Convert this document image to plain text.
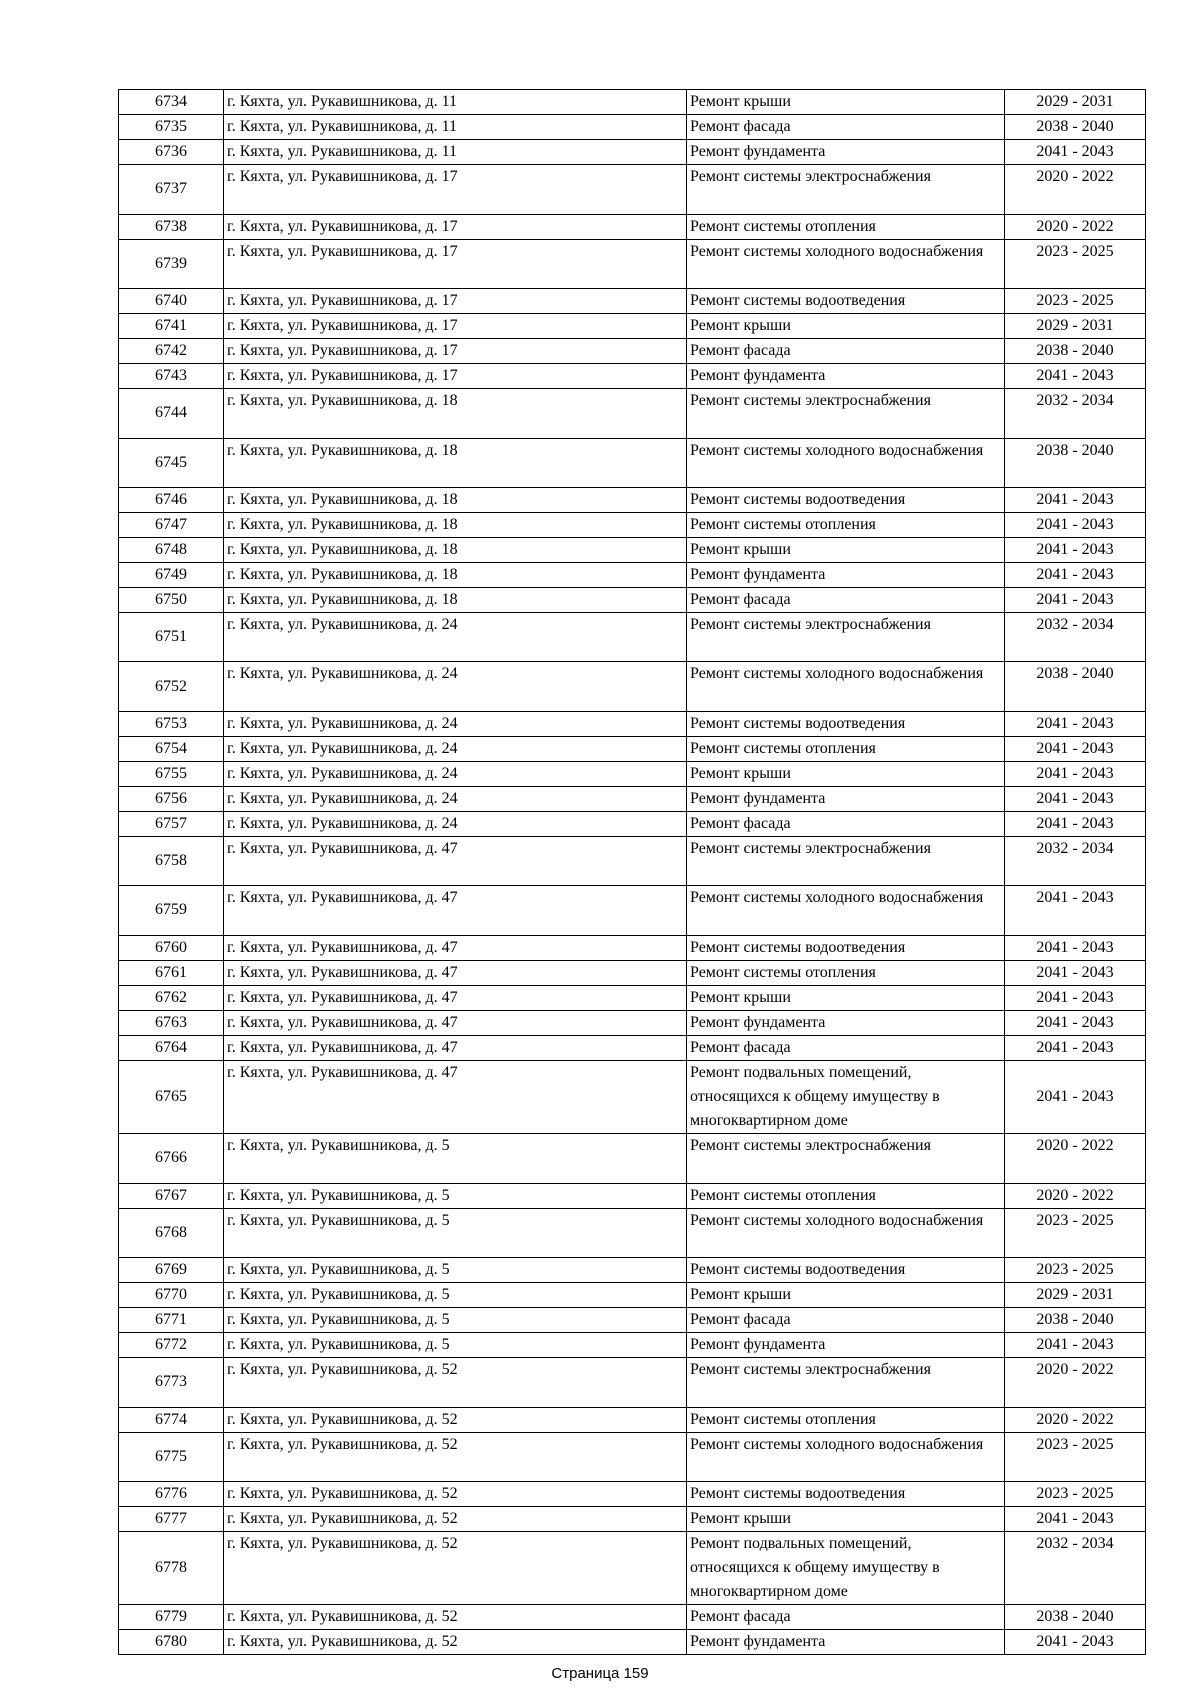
6734	г. Кяхта, ул. Рукавишникова, д. 11	Ремонт крыши	2029 - 2031
6735	г. Кяхта, ул. Рукавишникова, д. 11	Ремонт фасада	2038 - 2040
6736	г. Кяхта, ул. Рукавишникова, д. 11	Ремонт фундамента	2041 - 2043
6737	г. Кяхта, ул. Рукавишникова, д. 17	Ремонт системы электроснабжения	2020 - 2022
6738	г. Кяхта, ул. Рукавишникова, д. 17	Ремонт системы отопления	2020 - 2022
6739	г. Кяхта, ул. Рукавишникова, д. 17	Ремонт системы холодного водоснабжения	2023 - 2025
6740	г. Кяхта, ул. Рукавишникова, д. 17	Ремонт системы водоотведения	2023 - 2025
6741	г. Кяхта, ул. Рукавишникова, д. 17	Ремонт крыши	2029 - 2031
6742	г. Кяхта, ул. Рукавишникова, д. 17	Ремонт фасада	2038 - 2040
6743	г. Кяхта, ул. Рукавишникова, д. 17	Ремонт фундамента	2041 - 2043
6744	г. Кяхта, ул. Рукавишникова, д. 18	Ремонт системы электроснабжения	2032 - 2034
6745	г. Кяхта, ул. Рукавишникова, д. 18	Ремонт системы холодного водоснабжения	2038 - 2040
6746	г. Кяхта, ул. Рукавишникова, д. 18	Ремонт системы водоотведения	2041 - 2043
6747	г. Кяхта, ул. Рукавишникова, д. 18	Ремонт системы отопления	2041 - 2043
6748	г. Кяхта, ул. Рукавишникова, д. 18	Ремонт крыши	2041 - 2043
6749	г. Кяхта, ул. Рукавишникова, д. 18	Ремонт фундамента	2041 - 2043
6750	г. Кяхта, ул. Рукавишникова, д. 18	Ремонт фасада	2041 - 2043
6751	г. Кяхта, ул. Рукавишникова, д. 24	Ремонт системы электроснабжения	2032 - 2034
6752	г. Кяхта, ул. Рукавишникова, д. 24	Ремонт системы холодного водоснабжения	2038 - 2040
6753	г. Кяхта, ул. Рукавишникова, д. 24	Ремонт системы водоотведения	2041 - 2043
6754	г. Кяхта, ул. Рукавишникова, д. 24	Ремонт системы отопления	2041 - 2043
6755	г. Кяхта, ул. Рукавишникова, д. 24	Ремонт крыши	2041 - 2043
6756	г. Кяхта, ул. Рукавишникова, д. 24	Ремонт фундамента	2041 - 2043
6757	г. Кяхта, ул. Рукавишникова, д. 24	Ремонт фасада	2041 - 2043
6758	г. Кяхта, ул. Рукавишникова, д. 47	Ремонт системы электроснабжения	2032 - 2034
6759	г. Кяхта, ул. Рукавишникова, д. 47	Ремонт системы холодного водоснабжения	2041 - 2043
6760	г. Кяхта, ул. Рукавишникова, д. 47	Ремонт системы водоотведения	2041 - 2043
6761	г. Кяхта, ул. Рукавишникова, д. 47	Ремонт системы отопления	2041 - 2043
6762	г. Кяхта, ул. Рукавишникова, д. 47	Ремонт крыши	2041 - 2043
6763	г. Кяхта, ул. Рукавишникова, д. 47	Ремонт фундамента	2041 - 2043
6764	г. Кяхта, ул. Рукавишникова, д. 47	Ремонт фасада	2041 - 2043
6765	г. Кяхта, ул. Рукавишникова, д. 47	Ремонт подвальных помещений, относящихся к общему имуществу в многоквартирном доме	2041 - 2043
6766	г. Кяхта, ул. Рукавишникова, д. 5	Ремонт системы электроснабжения	2020 - 2022
6767	г. Кяхта, ул. Рукавишникова, д. 5	Ремонт системы отопления	2020 - 2022
6768	г. Кяхта, ул. Рукавишникова, д. 5	Ремонт системы холодного водоснабжения	2023 - 2025
6769	г. Кяхта, ул. Рукавишникова, д. 5	Ремонт системы водоотведения	2023 - 2025
6770	г. Кяхта, ул. Рукавишникова, д. 5	Ремонт крыши	2029 - 2031
6771	г. Кяхта, ул. Рукавишникова, д. 5	Ремонт фасада	2038 - 2040
6772	г. Кяхта, ул. Рукавишникова, д. 5	Ремонт фундамента	2041 - 2043
6773	г. Кяхта, ул. Рукавишникова, д. 52	Ремонт системы электроснабжения	2020 - 2022
6774	г. Кяхта, ул. Рукавишникова, д. 52	Ремонт системы отопления	2020 - 2022
6775	г. Кяхта, ул. Рукавишникова, д. 52	Ремонт системы холодного водоснабжения	2023 - 2025
6776	г. Кяхта, ул. Рукавишникова, д. 52	Ремонт системы водоотведения	2023 - 2025
6777	г. Кяхта, ул. Рукавишникова, д. 52	Ремонт крыши	2041 - 2043
6778	г. Кяхта, ул. Рукавишникова, д. 52	Ремонт подвальных помещений, относящихся к общему имуществу в многоквартирном доме	2032 - 2034
6779	г. Кяхта, ул. Рукавишникова, д. 52	Ремонт фасада	2038 - 2040
6780	г. Кяхта, ул. Рукавишникова, д. 52	Ремонт фундамента	2041 - 2043
Страница 159
